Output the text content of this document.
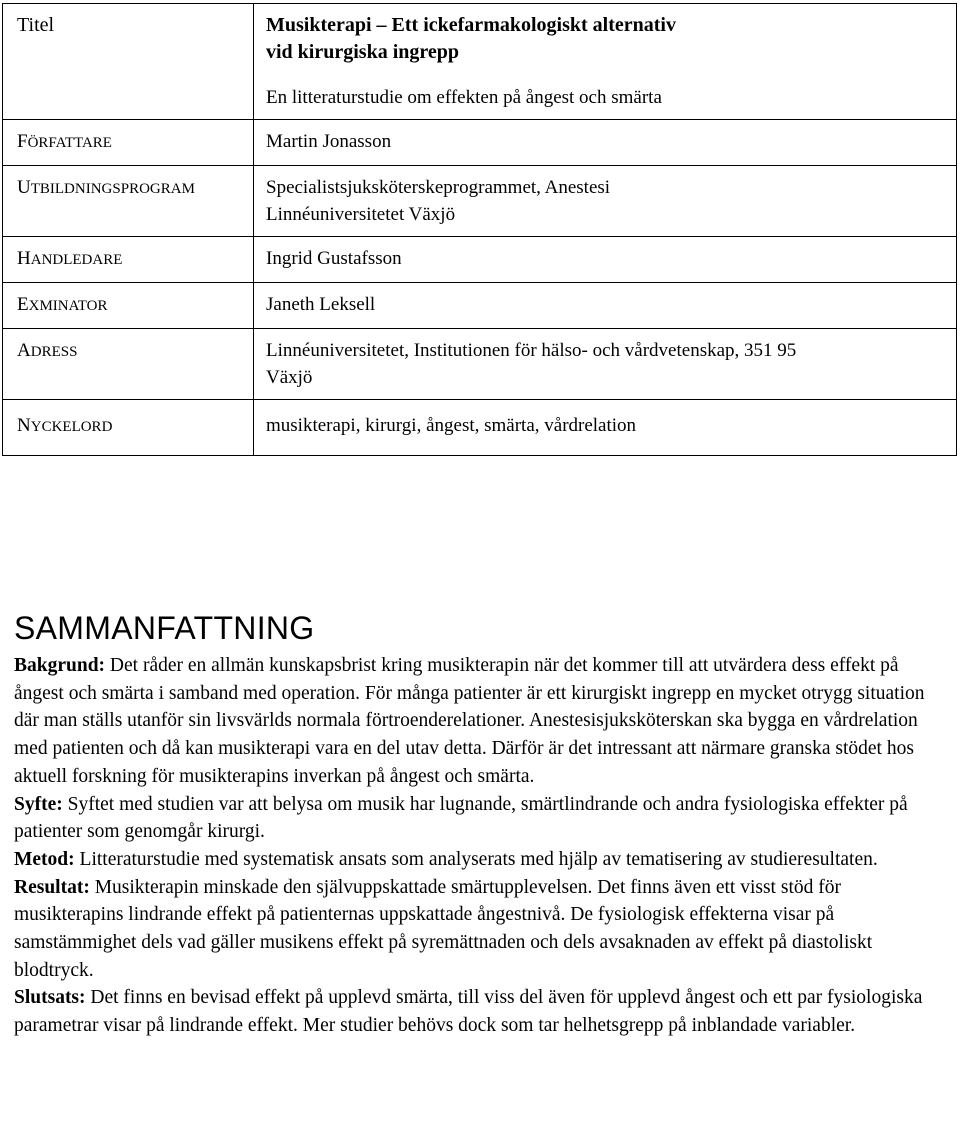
Titel	Musikterapi – Ett ickefarmakologiskt alternativ
vid kirurgiska ingrepp
En litteraturstudie om effekten på ångest och smärta

FÖRFATTARE	Martin Jonasson
UTBILDNINGSPROGRAM	Specialistsjuksköterskeprogrammet, Anestesi
Linnéuniversitetet Växjö
HANDLEDARE	Ingrid Gustafsson
EXMINATOR	Janeth Leksell
ADRESS	Linnéuniversitetet, Institutionen för hälso- och vårdvetenskap, 351 95
Växjö
NYCKELORD	musikterapi, kirurgi, ångest, smärta, vårdrelation
SAMMANFATTNING

Bakgrund: Det råder en allmän kunskapsbrist kring musikterapin när det kommer till att utvärdera dess effekt på ångest och smärta i samband med operation. För många patienter är ett kirurgiskt ingrepp en mycket otrygg situation där man ställs utanför sin livsvärlds normala förtroenderelationer. Anestesisjuksköterskan ska bygga en vårdrelation med patienten och då kan musikterapi vara en del utav detta. Därför är det intressant att närmare granska stödet hos aktuell forskning för musikterapins inverkan på ångest och smärta.
Syfte: Syftet med studien var att belysa om musik har lugnande, smärtlindrande och andra fysiologiska effekter på patienter som genomgår kirurgi.
Metod: Litteraturstudie med systematisk ansats som analyserats med hjälp av tematisering av studieresultaten.
Resultat: Musikterapin minskade den självuppskattade smärtupplevelsen. Det finns även ett visst stöd för musikterapins lindrande effekt på patienternas uppskattade ångestnivå. De fysiologisk effekterna visar på samstämmighet dels vad gäller musikens effekt på syremättnaden och dels avsaknaden av effekt på diastoliskt blodtryck.
Slutsats: Det finns en bevisad effekt på upplevd smärta, till viss del även för upplevd ångest och ett par fysiologiska parametrar visar på lindrande effekt. Mer studier behövs dock som tar helhetsgrepp på inblandade variabler.
